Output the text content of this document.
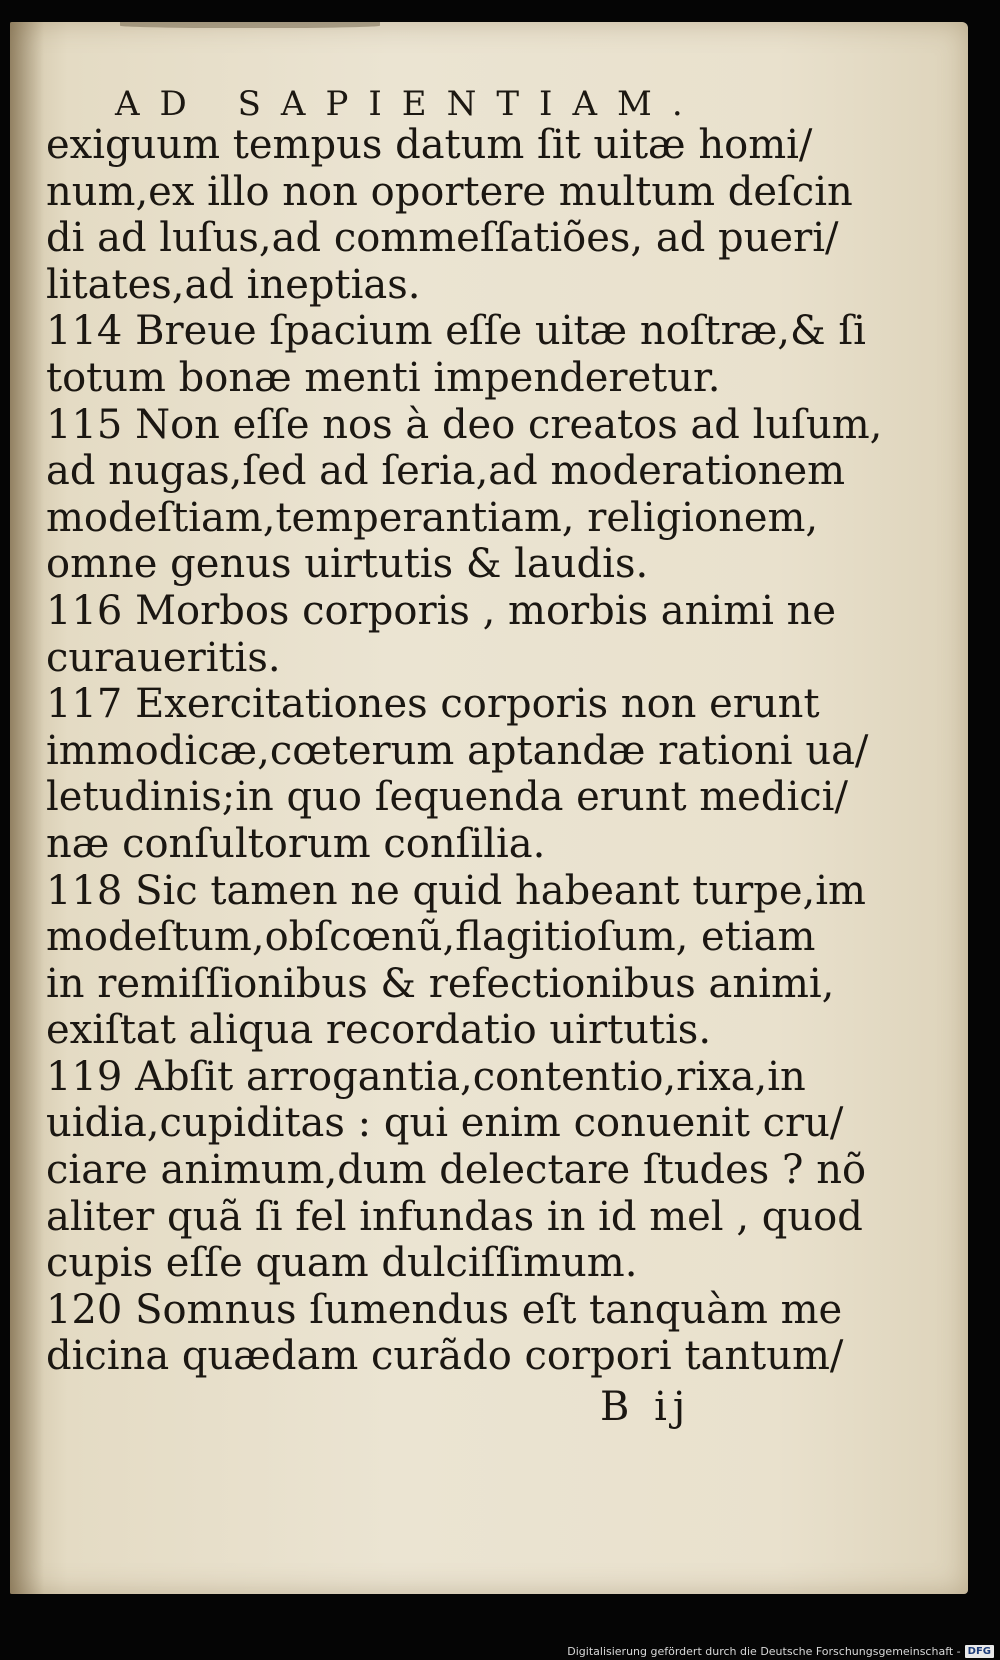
AD SAPIENTIAM.
exiguum tempus datum ſit uitæ homi/
num,ex illo non oportere multum deſcin
di ad luſus,ad commeſſatiões, ad pueri/
litates,ad ineptias.
114 Breue ſpacium eſſe uitæ noſtræ,& ſi
totum bonæ menti impenderetur.
115 Non eſſe nos à deo creatos ad luſum,
ad nugas,ſed ad ſeria,ad moderationem
modeſtiam,temperantiam, religionem,
omne genus uirtutis & laudis.
116 Morbos corporis , morbis animi ne
curaueritis.
117 Exercitationes corporis non erunt
immodicæ,cœterum aptandæ rationi ua/
letudinis;in quo ſequenda erunt medici/
næ conſultorum conſilia.
118 Sic tamen ne quid habeant turpe,im
modeſtum,obſcœnũ,flagitioſum, etiam
in remiſſionibus & refectionibus animi,
exiſtat aliqua recordatio uirtutis.
119 Abſit arrogantia,contentio,rixa,in
uidia,cupiditas : qui enim conuenit cru/
ciare animum,dum delectare ſtudes ? nõ
aliter quã ſi fel infundas in id mel , quod
cupis eſſe quam dulciſſimum.
120 Somnus ſumendus eſt tanquàm me
dicina quædam curãdo corpori tantum/
B ij
Digitalisierung gefördert durch die Deutsche Forschungsgemeinschaft - DFG
